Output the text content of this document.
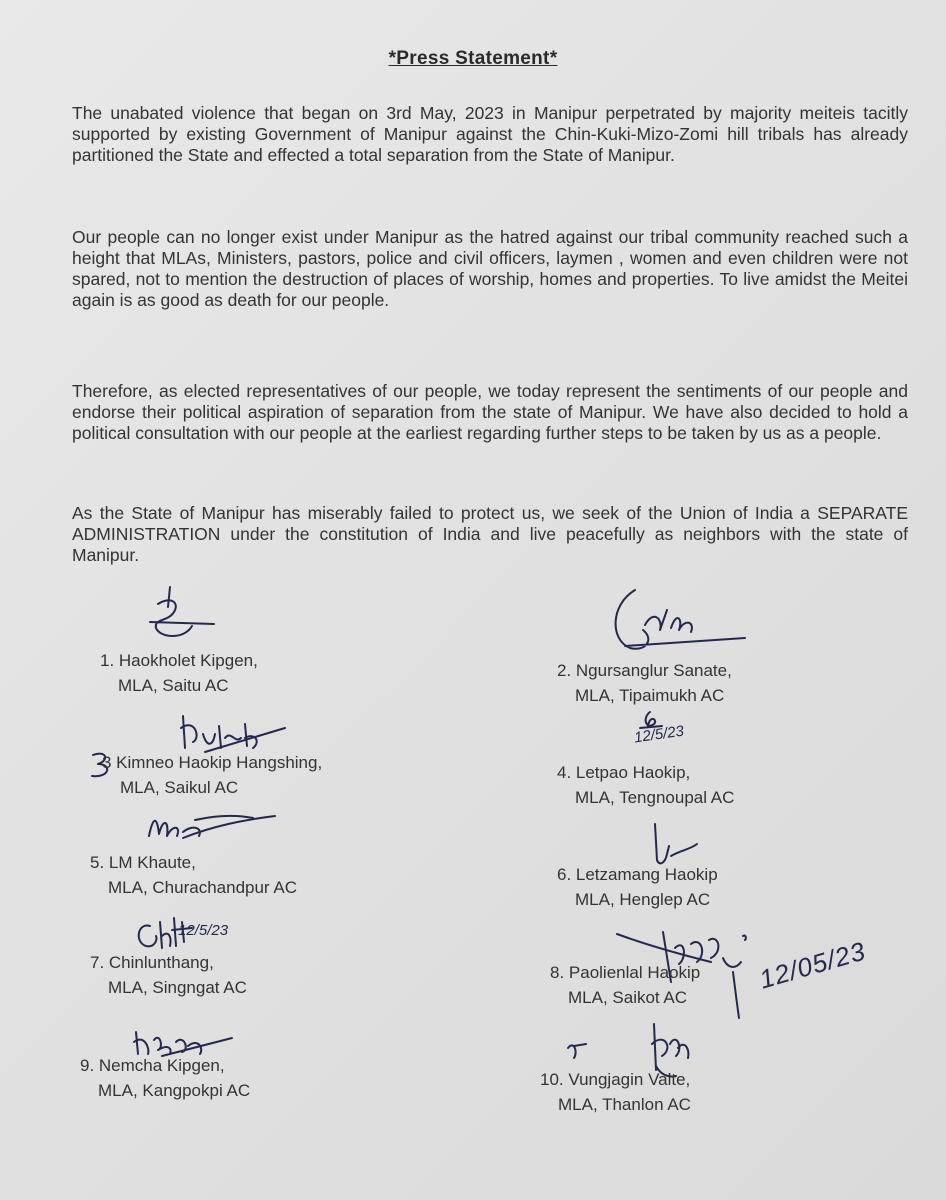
*Press Statement*
The unabated violence that began on 3rd May, 2023 in Manipur perpetrated by majority meiteis tacitly supported by existing Government of Manipur against the Chin-Kuki-Mizo-Zomi hill tribals has already partitioned the State and effected a total separation from the State of Manipur.
Our people can no longer exist under Manipur as the hatred against our tribal community reached such a height that MLAs, Ministers, pastors, police and civil officers, laymen , women and even children were not spared, not to mention the destruction of places of worship, homes and properties. To live amidst the Meitei again is as good as death for our people.
Therefore, as elected representatives of our people, we today represent the sentiments of our people and endorse their political aspiration of separation from the state of Manipur. We have also decided to hold a political consultation with our people at the earliest regarding further steps to be taken by us as a people.
As the State of Manipur has miserably failed to protect us, we seek of the Union of India a SEPARATE ADMINISTRATION under the constitution of India and live peacefully as neighbors with the state of Manipur.
12/5/23
12/5/23
12/05/23
1. Haokholet Kipgen,
MLA, Saitu AC
2. Ngursanglur Sanate,
MLA, Tipaimukh AC
3 Kimneo Haokip Hangshing,
MLA, Saikul AC
4. Letpao Haokip,
MLA, Tengnoupal AC
5. LM Khaute,
MLA, Churachandpur AC
6. Letzamang Haokip
MLA, Henglep AC
7. Chinlunthang,
MLA, Singngat AC
8. Paolienlal Haokip
MLA, Saikot AC
9. Nemcha Kipgen,
MLA, Kangpokpi AC
10. Vungjagin Valte,
MLA, Thanlon AC
